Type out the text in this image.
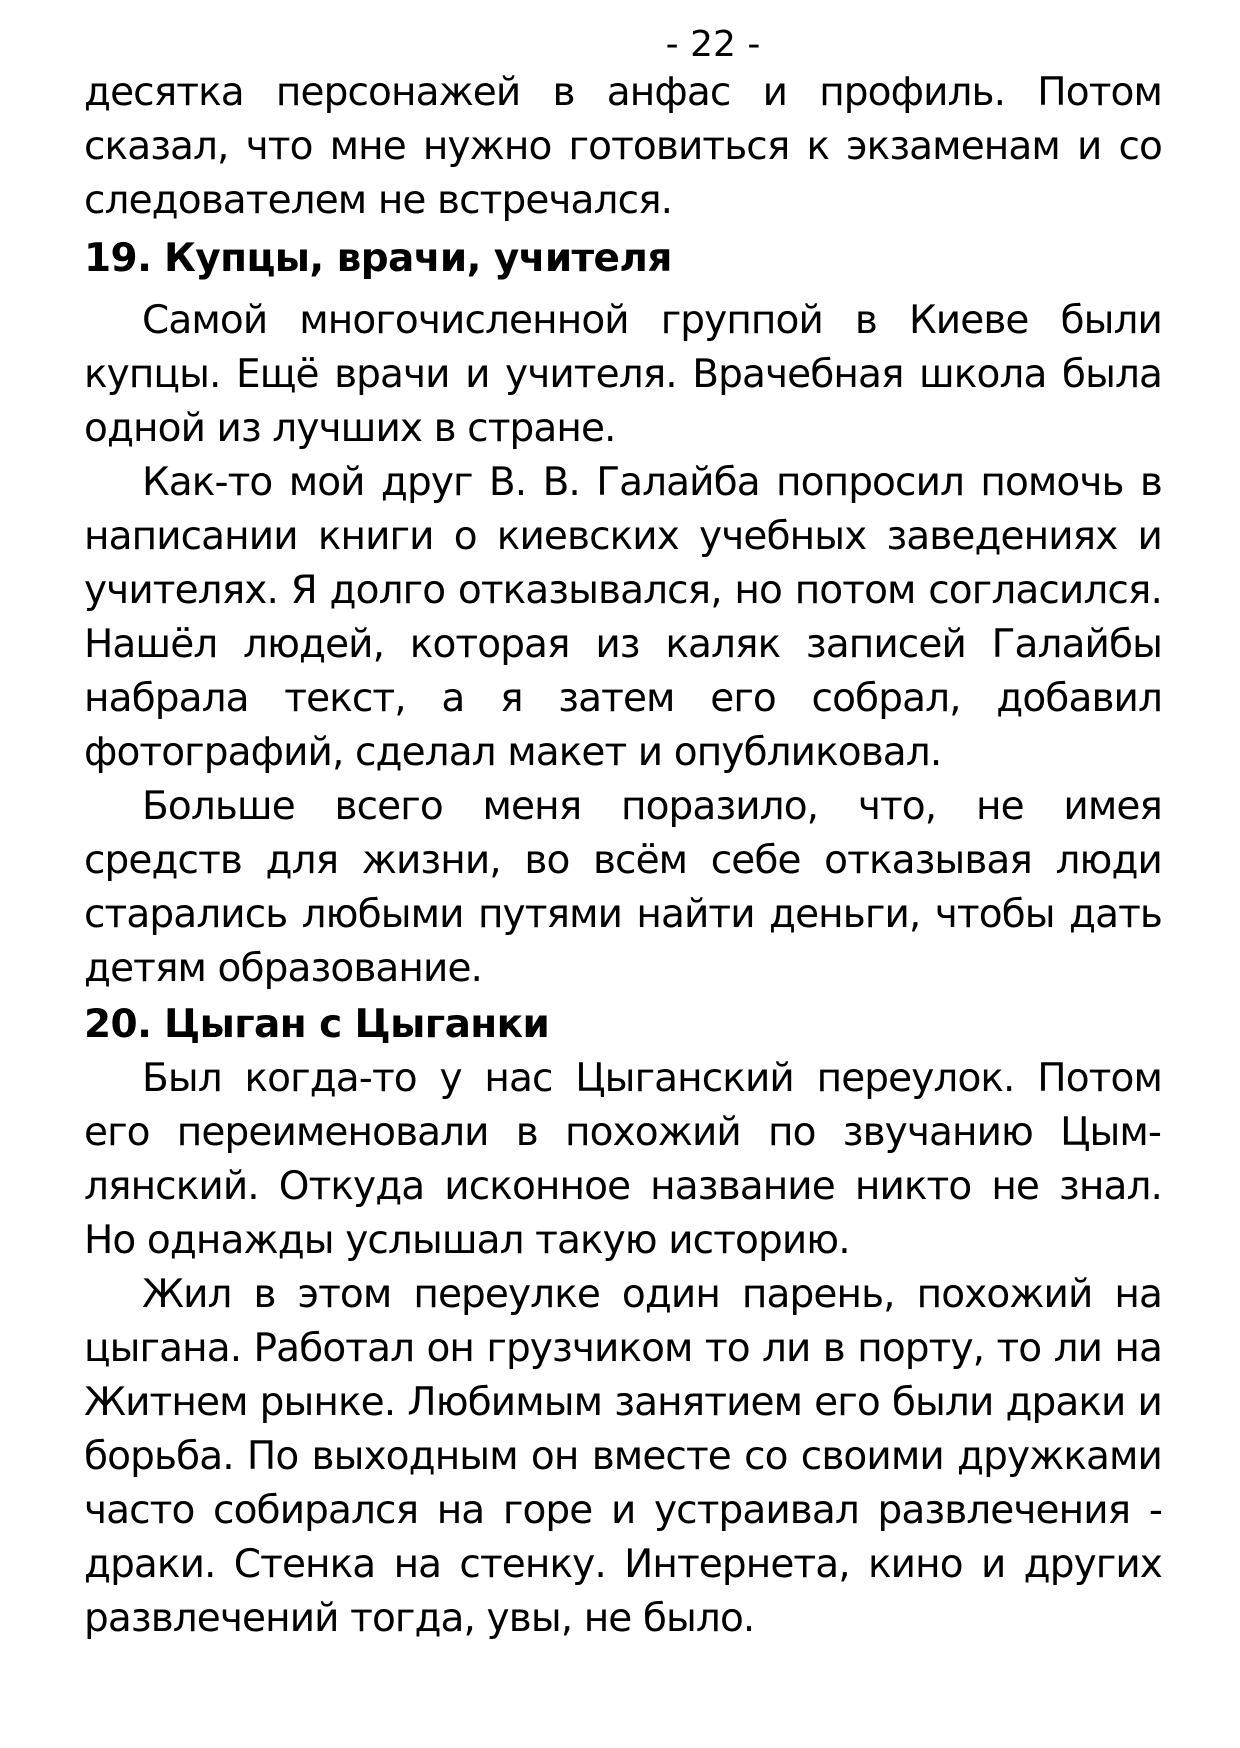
- 22 -

десятка персонажей в анфас и профиль. Потом сказал, что мне нужно готовиться к экзаменам и со следователем не встречался.

19. Купцы, врачи, учителя

Самой многочисленной группой в Киеве были купцы. Ещё врачи и учителя. Врачебная школа была одной из лучших в стране.

Как-то мой друг В. В. Галайба попросил помочь в написании книги о киевских учебных заведениях и учителях. Я долго отказывался, но потом согласился. Нашёл людей, которая из каляк записей Галайбы набрала текст, а я затем его собрал, добавил фотографий, сделал макет и опубликовал.

Больше всего меня поразило, что, не имея средств для жизни, во всём себе отказывая люди старались любыми путями найти деньги, чтобы дать детям образование.

20. Цыган с Цыганки

Был когда-то у нас Цыганский переулок. Потом его переименовали в похожий по звучанию Цымлянский. Откуда исконное название никто не знал. Но однажды услышал такую историю.

Жил в этом переулке один парень, похожий на цыгана. Работал он грузчиком то ли в порту, то ли на Житнем рынке. Любимым занятием его были драки и борьба. По выходным он вместе со своими дружками часто собирался на горе и устраивал развлечения - драки. Стенка на стенку. Интернета, кино и других развлечений тогда, увы, не было.
